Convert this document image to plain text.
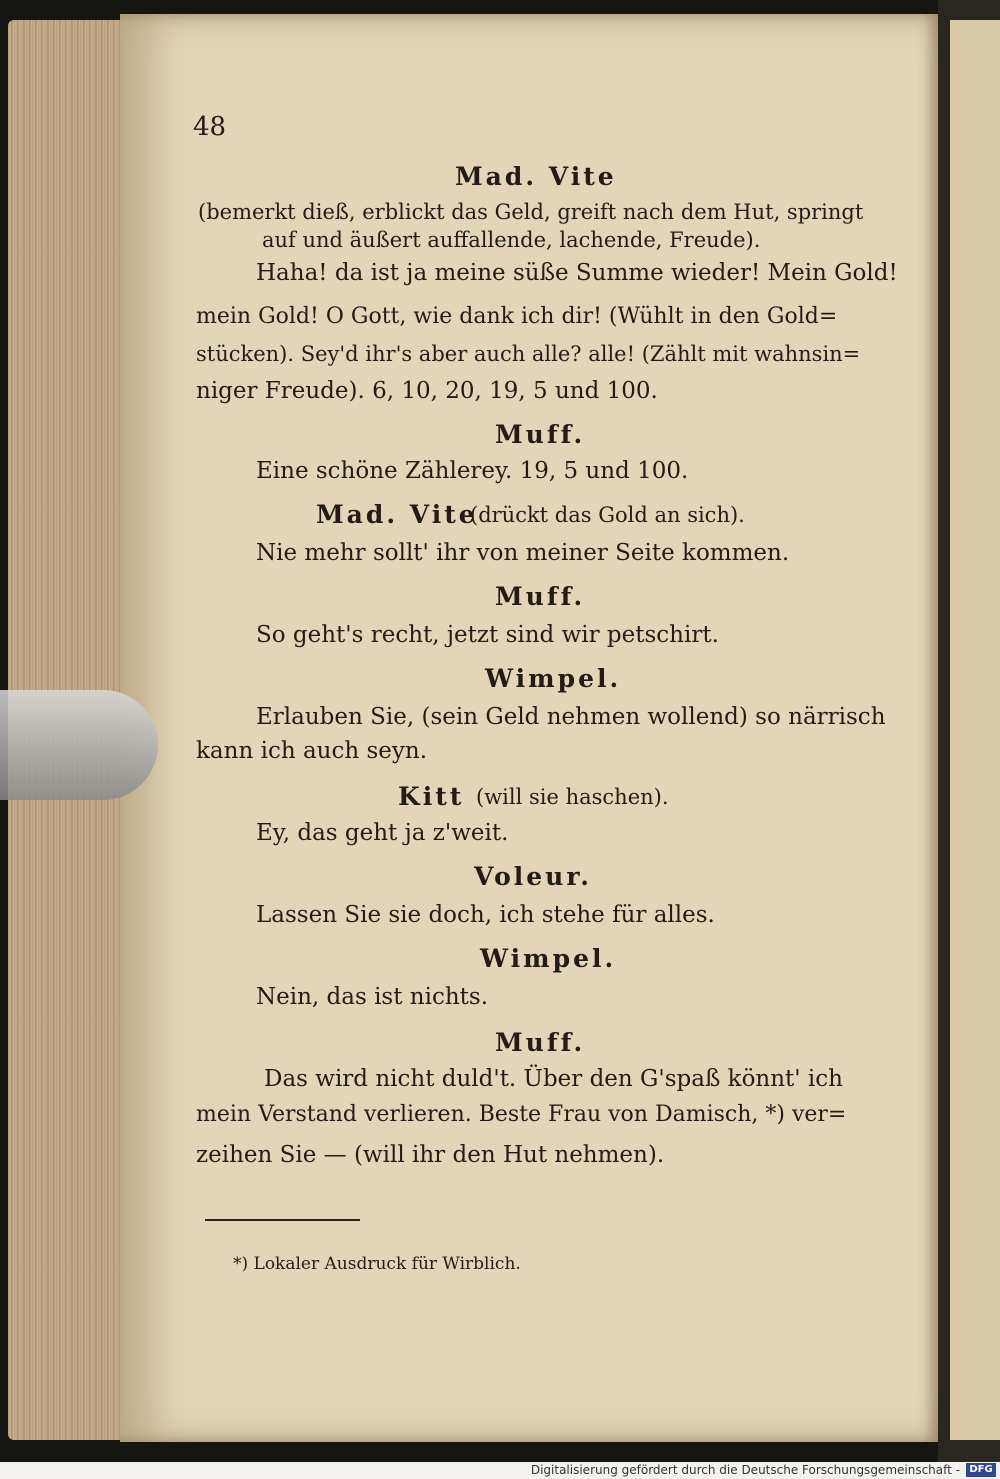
48
Mad. Vite
(bemerkt dieß, erblickt das Geld, greift nach dem Hut, springt
auf und äußert auffallende, lachende, Freude).
Haha! da ist ja meine süße Summe wieder! Mein Gold!
mein Gold! O Gott, wie dank ich dir! (Wühlt in den Gold=
stücken). Sey'd ihr's aber auch alle? alle! (Zählt mit wahnsin=
niger Freude). 6, 10, 20, 19, 5 und 100.
Muff.
Eine schöne Zählerey. 19, 5 und 100.
Mad. Vite
(drückt das Gold an sich).
Nie mehr sollt' ihr von meiner Seite kommen.
Muff.
So geht's recht, jetzt sind wir petschirt.
Wimpel.
Erlauben Sie, (sein Geld nehmen wollend) so närrisch
kann ich auch seyn.
Kitt (will sie haschen).
Ey, das geht ja z'weit.
Voleur.
Lassen Sie sie doch, ich stehe für alles.
Wimpel.
Nein, das ist nichts.
Muff.
Das wird nicht duld't. Über den G'spaß könnt' ich
mein Verstand verlieren. Beste Frau von Damisch, *) ver=
zeihen Sie — (will ihr den Hut nehmen).
*) Lokaler Ausdruck für Wirblich.
Digitalisierung gefördert durch die Deutsche Forschungsgemeinschaft - DFG
